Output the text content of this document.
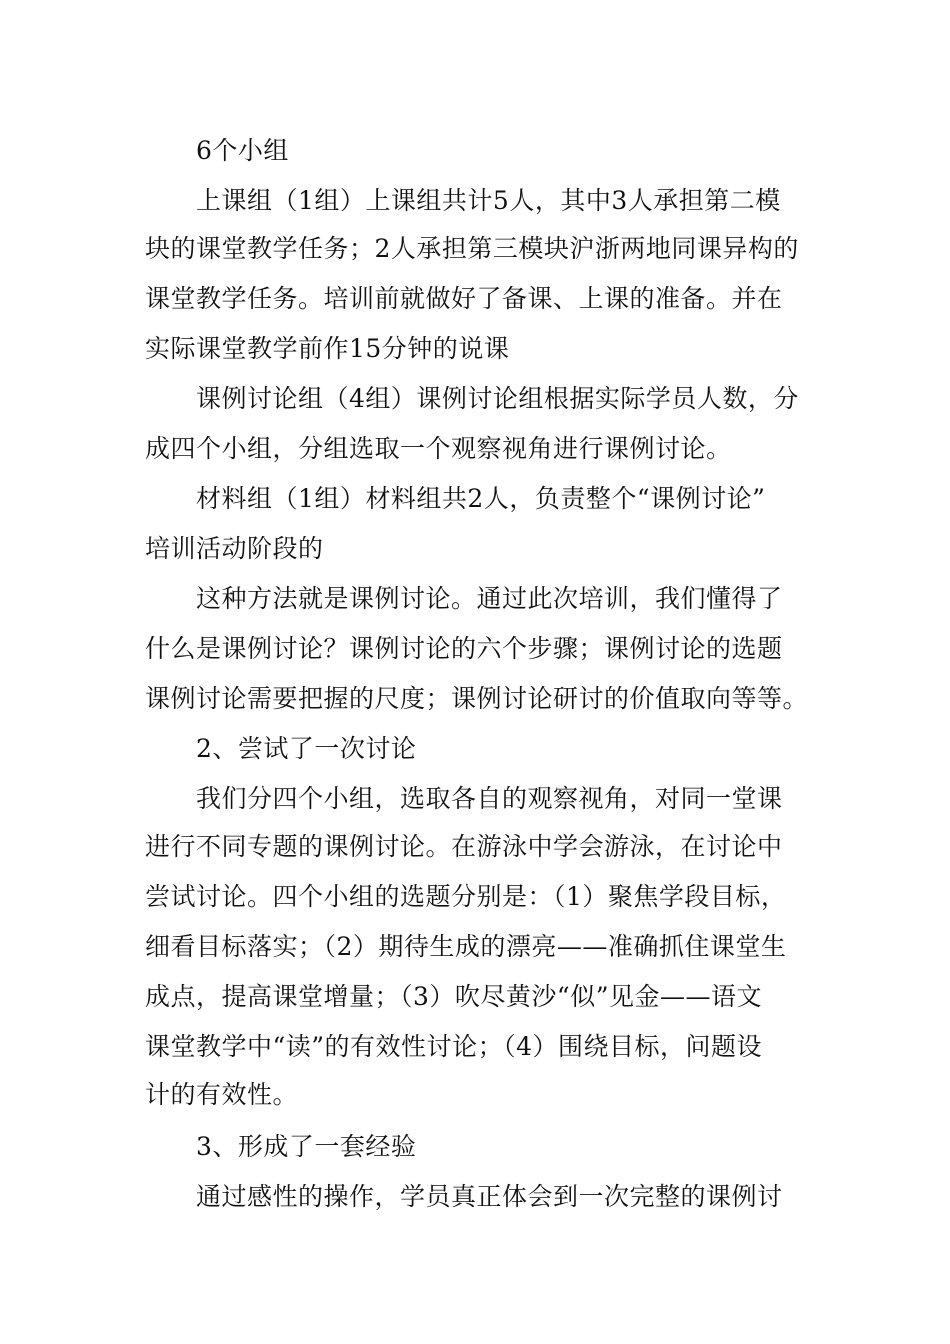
6个小组
上课组（1组）上课组共计5人，其中3人承担第二模
块的课堂教学任务；2人承担第三模块沪浙两地同课异构的
课堂教学任务。培训前就做好了备课、上课的准备。并在
实际课堂教学前作15分钟的说课
课例讨论组（4组）课例讨论组根据实际学员人数，分
成四个小组，分组选取一个观察视角进行课例讨论。
材料组（1组）材料组共2人，负责整个“课例讨论”
培训活动阶段的
这种方法就是课例讨论。通过此次培训，我们懂得了
什么是课例讨论？课例讨论的六个步骤；课例讨论的选题
课例讨论需要把握的尺度；课例讨论研讨的价值取向等等。
2、尝试了一次讨论
我们分四个小组，选取各自的观察视角，对同一堂课
进行不同专题的课例讨论。在游泳中学会游泳，在讨论中
尝试讨论。四个小组的选题分别是：（1）聚焦学段目标，
细看目标落实；（2）期待生成的漂亮——准确抓住课堂生
成点，提高课堂增量；（3）吹尽黄沙“似”见金——语文
课堂教学中“读”的有效性讨论；（4）围绕目标，问题设
计的有效性。
3、形成了一套经验
通过感性的操作，学员真正体会到一次完整的课例讨
